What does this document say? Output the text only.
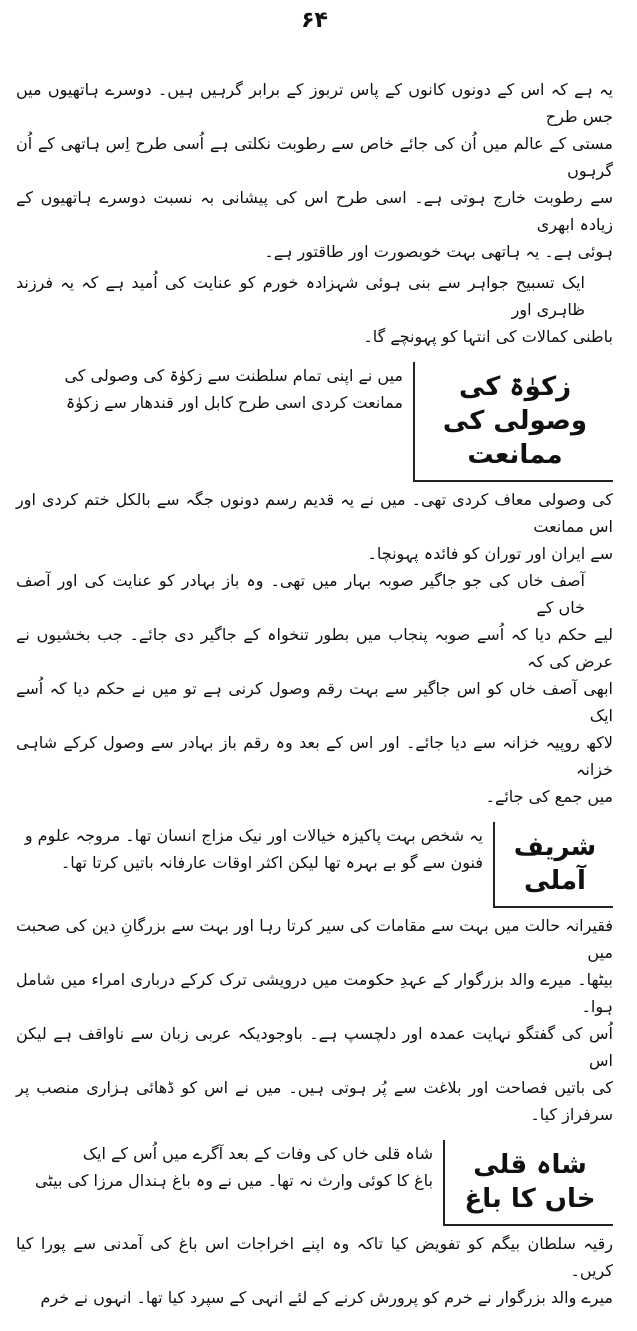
۶۴
یہ ہے کہ اس کے دونوں کانوں کے پاس تربوز کے برابر گرہیں ہیں۔ دوسرے ہاتھیوں میں جس طرح
مستی کے عالم میں اُن کی جائے خاص سے رطوبت نکلتی ہے اُسی طرح اِس ہاتھی کے اُن گرہوں
سے رطوبت خارج ہوتی ہے۔ اسی طرح اس کی پیشانی بہ نسبت دوسرے ہاتھیوں کے زیادہ ابھری
ہوئی ہے۔ یہ ہاتھی بہت خوبصورت اور طاقتور ہے۔
ایک تسبیح جواہر سے بنی ہوئی شہزادہ خورم کو عنایت کی اُمید ہے کہ یہ فرزند ظاہری اور
باطنی کمالات کی انتہا کو پہونچے گا۔
زکوٰۃ کی وصولی کی ممانعت
میں نے اپنی تمام سلطنت سے زکوٰۃ کی وصولی کی
ممانعت کردی اسی طرح کابل اور قندھار سے زکوٰۃ
کی وصولی معاف کردی تھی۔ میں نے یہ قدیم رسم دونوں جگہ سے بالکل ختم کردی اور اس ممانعت
سے ایران اور توران کو فائدہ پہونچا۔
آصف خاں کی جو جاگیر صوبہ بہار میں تھی۔ وہ باز بہادر کو عنایت کی اور آصف خاں کے
لیے حکم دیا کہ اُسے صوبہ پنجاب میں بطور تنخواہ کے جاگیر دی جائے۔ جب بخشیوں نے عرض کی کہ
ابھی آصف خاں کو اس جاگیر سے بہت رقم وصول کرنی ہے تو میں نے حکم دیا کہ اُسے ایک
لاکھ روپیہ خزانہ سے دیا جائے۔ اور اس کے بعد وہ رقم باز بہادر سے وصول کرکے شاہی خزانہ
میں جمع کی جائے۔
شریف آملی
یہ شخص بہت پاکیزہ خیالات اور نیک مزاج انسان تھا۔ مروجہ علوم و
فنون سے گو بے بہرہ تھا لیکن اکثر اوقات عارفانہ باتیں کرتا تھا۔
فقیرانہ حالت میں بہت سے مقامات کی سیر کرتا رہا اور بہت سے بزرگانِ دین کی صحبت میں
بیٹھا۔ میرے والد بزرگوار کے عہدِ حکومت میں درویشی ترک کرکے درباری امراء میں شامل ہوا۔
اُس کی گفتگو نہایت عمدہ اور دلچسپ ہے۔ باوجودیکہ عربی زبان سے ناواقف ہے لیکن اس
کی باتیں فصاحت اور بلاغت سے پُر ہوتی ہیں۔ میں نے اس کو ڈھائی ہزاری منصب پر سرفراز کیا۔
شاہ قلی خاں کا باغ
شاہ قلی خاں کی وفات کے بعد آگرے میں اُس کے ایک
باغ کا کوئی وارث نہ تھا۔ میں نے وہ باغ ہندال مرزا کی بیٹی
رقیہ سلطان بیگم کو تفویض کیا تاکہ وہ اپنے اخراجات اس باغ کی آمدنی سے پورا کیا کریں۔
میرے والد بزرگوار نے خرم کو پرورش کرنے کے لئے انہی کے سپرد کیا تھا۔ انہوں نے خرم
